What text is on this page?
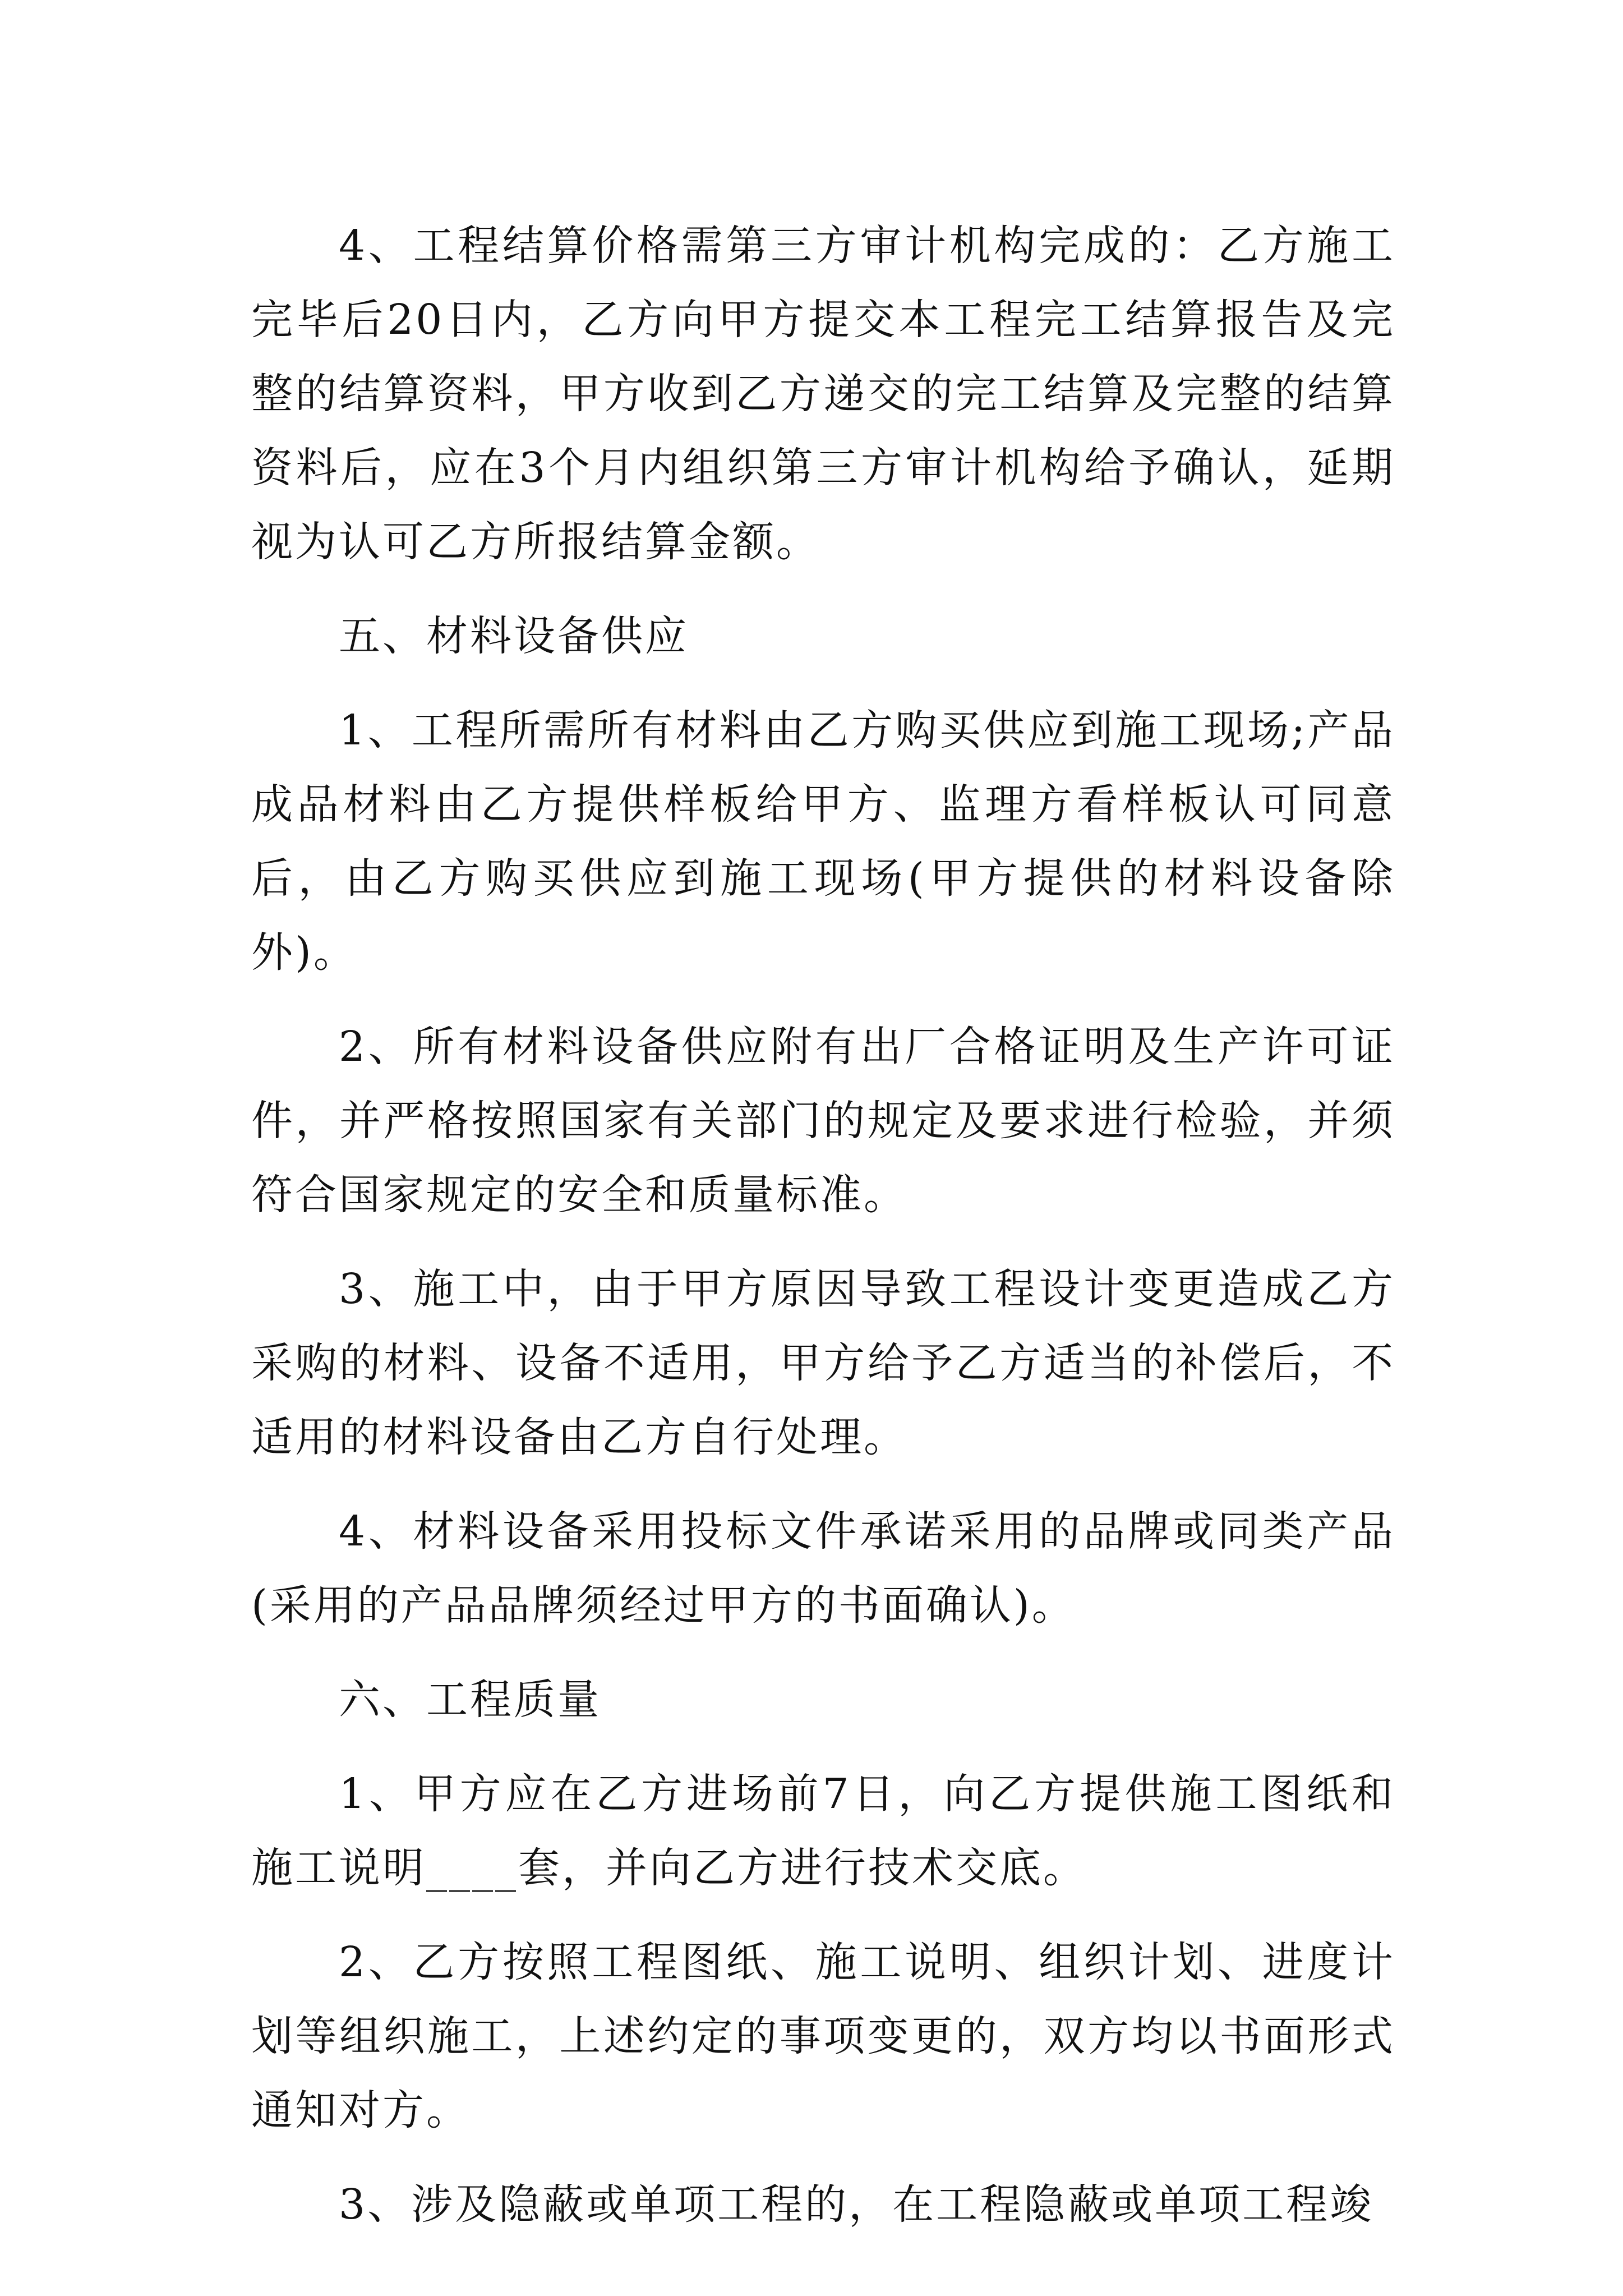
4、工程结算价格需第三方审计机构完成的：乙方施工完毕后20日内，乙方向甲方提交本工程完工结算报告及完整的结算资料，甲方收到乙方递交的完工结算及完整的结算资料后，应在3个月内组织第三方审计机构给予确认，延期视为认可乙方所报结算金额。

五、材料设备供应

1、工程所需所有材料由乙方购买供应到施工现场;产品成品材料由乙方提供样板给甲方、监理方看样板认可同意后，由乙方购买供应到施工现场(甲方提供的材料设备除外)。

2、所有材料设备供应附有出厂合格证明及生产许可证件，并严格按照国家有关部门的规定及要求进行检验，并须符合国家规定的安全和质量标准。

3、施工中，由于甲方原因导致工程设计变更造成乙方采购的材料、设备不适用，甲方给予乙方适当的补偿后，不适用的材料设备由乙方自行处理。

4、材料设备采用投标文件承诺采用的品牌或同类产品(采用的产品品牌须经过甲方的书面确认)。

六、工程质量

1、甲方应在乙方进场前7日，向乙方提供施工图纸和施工说明____套，并向乙方进行技术交底。

2、乙方按照工程图纸、施工说明、组织计划、进度计划等组织施工，上述约定的事项变更的，双方均以书面形式通知对方。

3、涉及隐蔽或单项工程的，在工程隐蔽或单项工程竣
